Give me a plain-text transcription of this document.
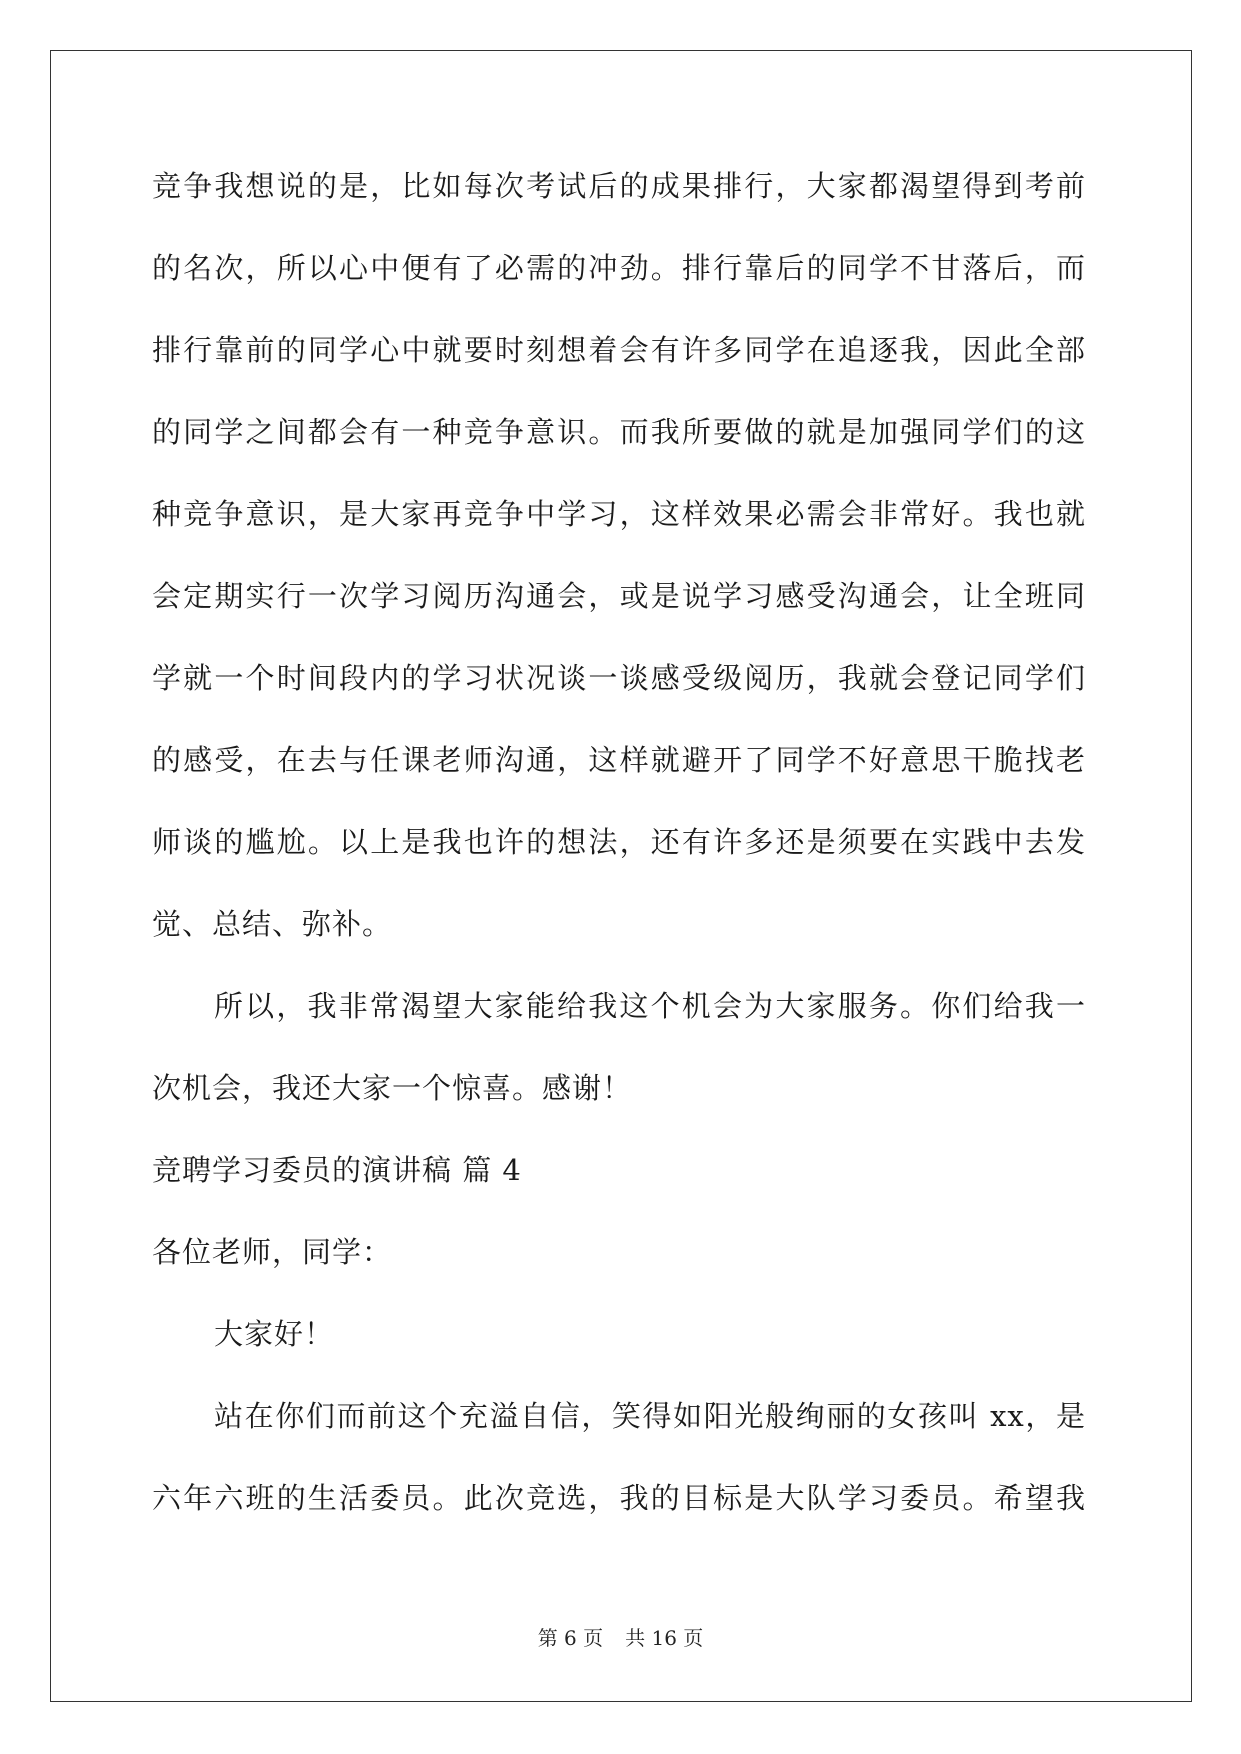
竞争我想说的是，比如每次考试后的成果排行，大家都渴望得到考前
的名次，所以心中便有了必需的冲劲。排行靠后的同学不甘落后，而
排行靠前的同学心中就要时刻想着会有许多同学在追逐我，因此全部
的同学之间都会有一种竞争意识。而我所要做的就是加强同学们的这
种竞争意识，是大家再竞争中学习，这样效果必需会非常好。我也就
会定期实行一次学习阅历沟通会，或是说学习感受沟通会，让全班同
学就一个时间段内的学习状况谈一谈感受级阅历，我就会登记同学们
的感受，在去与任课老师沟通，这样就避开了同学不好意思干脆找老
师谈的尴尬。以上是我也许的想法，还有许多还是须要在实践中去发
觉、总结、弥补。
所以，我非常渴望大家能给我这个机会为大家服务。你们给我一
次机会，我还大家一个惊喜。感谢！
竞聘学习委员的演讲稿 篇 4
各位老师，同学：
大家好！
站在你们而前这个充溢自信，笑得如阳光般绚丽的女孩叫 xx，是
六年六班的生活委员。此次竞选，我的目标是大队学习委员。希望我
第 6 页 共 16 页
